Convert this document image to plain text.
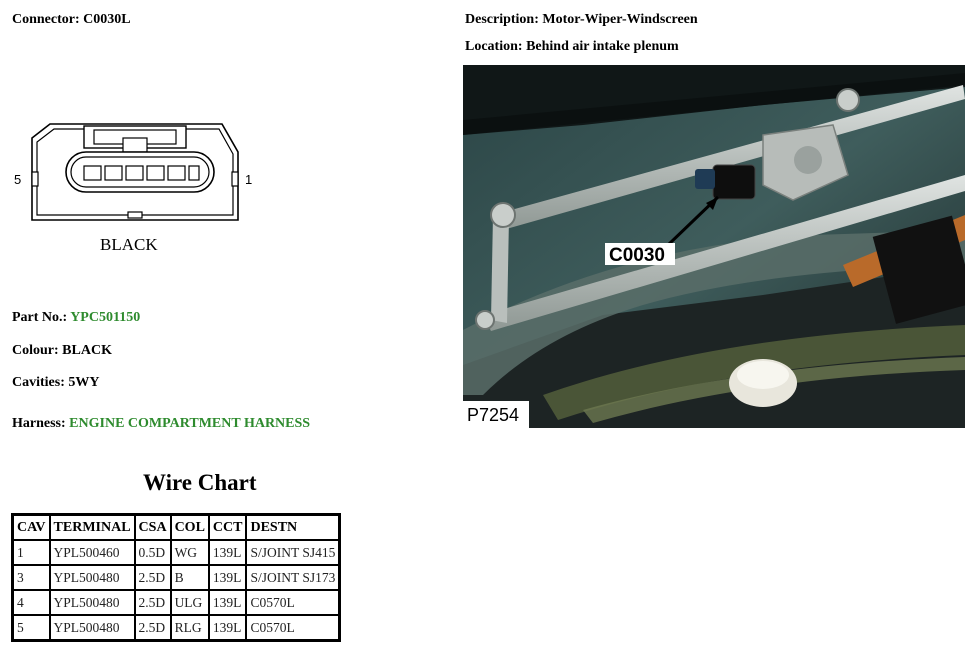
Connector: C0030L	Description: Motor-Wiper-Windscreen
Location: Behind air intake plenum
5	1
BLACK
Part No.: YPC501150
Colour: BLACK
Cavities: 5WY
Harness: ENGINE COMPARTMENT HARNESS
Wire Chart
CAV	TERMINAL	CSA	COL	CCT	DESTN
1	YPL500460	0.5D	WG	139L	S/JOINT SJ415
3	YPL500480	2.5D	B	139L	S/JOINT SJ173
4	YPL500480	2.5D	ULG	139L	C0570L
5	YPL500480	2.5D	RLG	139L	C0570L
C0030
P7254
